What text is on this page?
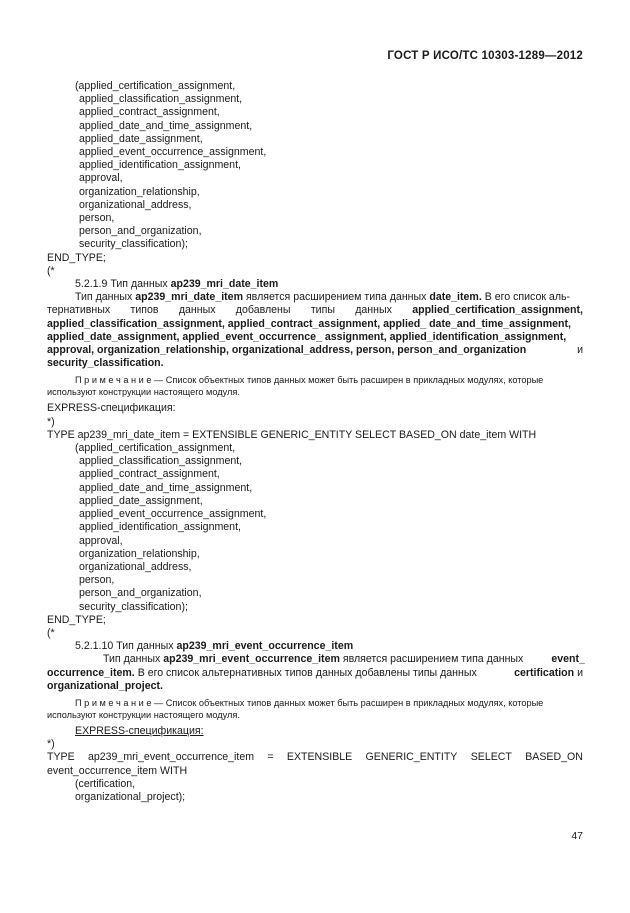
ГОСТ Р ИСО/ТС 10303-1289—2012
(applied_certification_assignment,
applied_classification_assignment,
applied_contract_assignment,
applied_date_and_time_assignment,
applied_date_assignment,
applied_event_occurrence_assignment,
applied_identification_assignment,
approval,
organization_relationship,
organizational_address,
person,
person_and_organization,
security_classification);
END_TYPE;
(*
5.2.1.9 Тип данных ap239_mri_date_item
Тип данных ap239_mri_date_item является расширением типа данных date_item. В его список аль-
тернативных типов данных добавлены типы данных applied_certification_assignment,
applied_classification_assignment, applied_contract_assignment, applied_ date_and_time_assignment,
applied_date_assignment, applied_event_occurrence_ assignment, applied_identification_assignment,
approval, organization_relationship, organizational_address, person, person_and_organization	и
security_classification.
П р и м е ч а н и е — Список объектных типов данных может быть расширен в прикладных модулях, которые
используют конструкции настоящего модуля.
EXPRESS-спецификация:
*)
TYPE ap239_mri_date_item = EXTENSIBLE GENERIC_ENTITY SELECT BASED_ON date_item WITH
(applied_certification_assignment,
applied_classification_assignment,
applied_contract_assignment,
applied_date_and_time_assignment,
applied_date_assignment,
applied_event_occurrence_assignment,
applied_identification_assignment,
approval,
organization_relationship,
organizational_address,
person,
person_and_organization,
security_classification);
END_TYPE;
(*
5.2.1.10 Тип данных ap239_mri_event_occurrence_item
Тип данных ap239_mri_event_occurrence_item является расширением типа данных	event_
occurrence_item. В его список альтернативных типов данных добавлены типы данных	certification и
organizational_project.
П р и м е ч а н и е — Список объектных типов данных может быть расширен в прикладных модулях, которые
используют конструкции настоящего модуля.
EXPRESS-спецификация:
*)
TYPE ap239_mri_event_occurrence_item = EXTENSIBLE GENERIC_ENTITY SELECT BASED_ON
event_occurrence_item WITH
(certification,
organizational_project);
47
